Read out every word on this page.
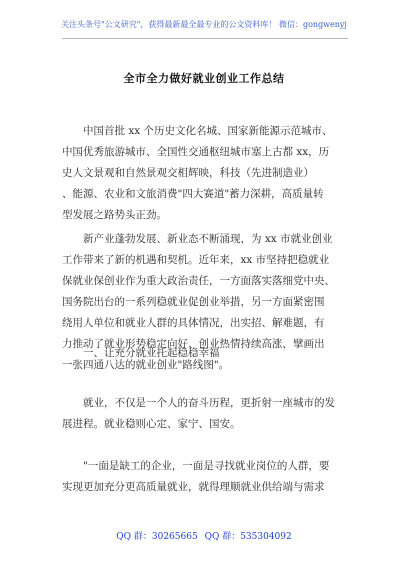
关注头条号"公文研究"，获得最新最全最专业的公文资料库！ 微信：gongwenyj
全市全力做好就业创业工作总结
中国首批 xx 个历史文化名城、国家新能源示范城市、
中国优秀旅游城市、全国性交通枢纽城市塞上古都 xx，历
史人文景观和自然景观交相辉映，科技（先进制造业）
、能源、农业和文旅消费"四大赛道"蓄力深耕，高质量转
型发展之路势头正劲。
新产业蓬勃发展、新业态不断涌现，为 xx 市就业创业
工作带来了新的机遇和契机。近年来，xx 市坚持把稳就业
保就业保创业作为重大政治责任，一方面落实落细党中央、
国务院出台的一系列稳就业促创业举措，另一方面紧密围
绕用人单位和就业人群的具体情况，出实招、解难题，有
力推动了就业形势稳定向好、创业热情持续高涨，擘画出
一张四通八达的就业创业"路线图"。
一、让充分就业托起稳稳幸福
就业，不仅是一个人的奋斗历程，更折射一座城市的发
展进程。就业稳则心定、家宁、国安。
"一面是缺工的企业，一面是寻找就业岗位的人群，要
实现更加充分更高质量就业，就得理顺就业供给端与需求
QQ 群：30265665 QQ 群：535304092
